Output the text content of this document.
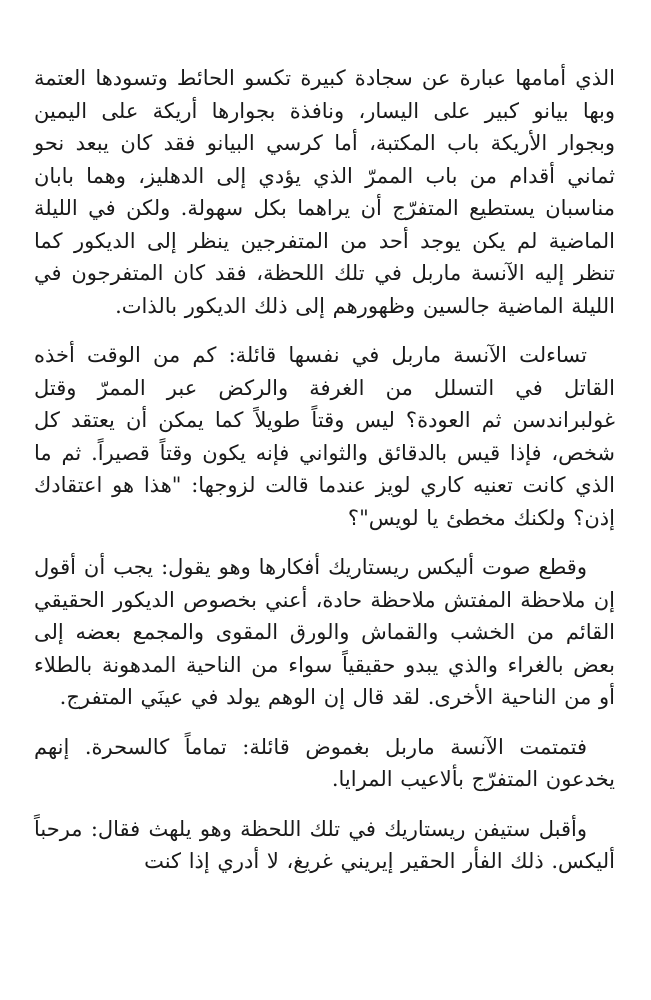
الذي أمامها عبارة عن سجادة كبيرة تكسو الحائط وتسودها العتمة وبها بيانو كبير على اليسار، ونافذة بجوارها أريكة على اليمين وبجوار الأريكة باب المكتبة، أما كرسي البيانو فقد كان يبعد نحو ثماني أقدام من باب الممرّ الذي يؤدي إلى الدهليز، وهما بابان مناسبان يستطيع المتفرّج أن يراهما بكل سهولة. ولكن في الليلة الماضية لم يكن يوجد أحد من المتفرجين ينظر إلى الديكور كما تنظر إليه الآنسة ماربل في تلك اللحظة، فقد كان المتفرجون في الليلة الماضية جالسين وظهورهم إلى ذلك الديكور بالذات.

تساءلت الآنسة ماربل في نفسها قائلة: كم من الوقت أخذه القاتل في التسلل من الغرفة والركض عبر الممرّ وقتل غولبراندسن ثم العودة؟ ليس وقتاً طويلاً كما يمكن أن يعتقد كل شخص، فإذا قيس بالدقائق والثواني فإنه يكون وقتاً قصيراً. ثم ما الذي كانت تعنيه كاري لويز عندما قالت لزوجها: "هذا هو اعتقادك إذن؟ ولكنك مخطئ يا لويس"؟

وقطع صوت أليكس ريستاريك أفكارها وهو يقول: يجب أن أقول إن ملاحظة المفتش ملاحظة حادة، أعني بخصوص الديكور الحقيقي القائم من الخشب والقماش والورق المقوى والمجمع بعضه إلى بعض بالغراء والذي يبدو حقيقياً سواء من الناحية المدهونة بالطلاء أو من الناحية الأخرى. لقد قال إن الوهم يولد في عينَي المتفرج.

فتمتمت الآنسة ماربل بغموض قائلة: تماماً كالسحرة. إنهم يخدعون المتفرّج بألاعيب المرايا.

وأقبل ستيفن ريستاريك في تلك اللحظة وهو يلهث فقال: مرحباً أليكس. ذلك الفأر الحقير إيريني غريغ، لا أدري إذا كنت
